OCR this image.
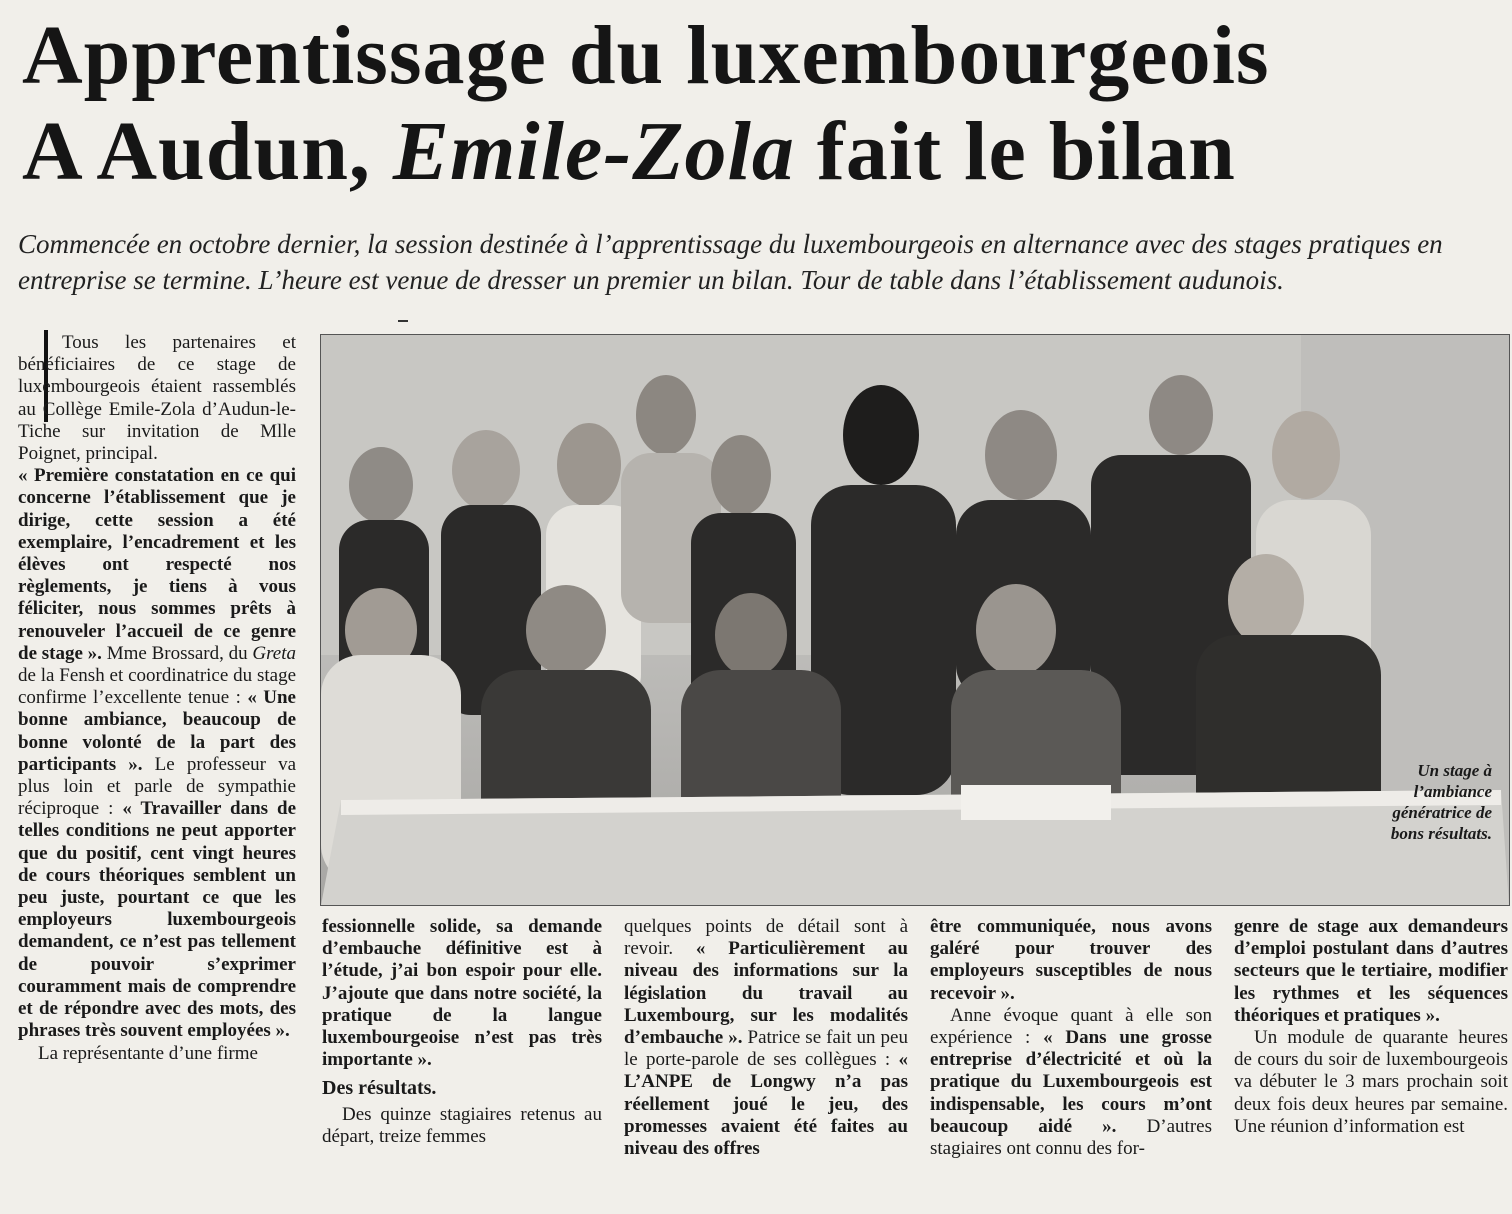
Apprentissage du luxembourgeois
A Audun, Emile-Zola fait le bilan
Commencée en octobre dernier, la session destinée à l’apprentissage du luxembourgeois en alternance avec des stages pratiques en entreprise se termine. L’heure est venue de dresser un premier un bilan. Tour de table dans l’établissement audunois.

Tous les partenaires et bénéficiaires de ce stage de luxembourgeois étaient rassemblés au Collège Emile-Zola d’Audun-le-Tiche sur invitation de Mlle Poignet, principal.

« Première constatation en ce qui concerne l’établissement que je dirige, cette session a été exemplaire, l’encadrement et les élèves ont respecté nos règlements, je tiens à vous féliciter, nous sommes prêts à renouveler l’accueil de ce genre de stage ». Mme Brossard, du Greta de la Fensh et coordinatrice du stage confirme l’excellente tenue : « Une bonne ambiance, beaucoup de bonne volonté de la part des participants ». Le professeur va plus loin et parle de sympathie réciproque : « Travailler dans de telles conditions ne peut apporter que du positif, cent vingt heures de cours théoriques semblent un peu juste, pourtant ce que les employeurs luxembourgeois demandent, ce n’est pas tellement de pouvoir s’exprimer couramment mais de comprendre et de répondre avec des mots, des phrases très souvent employées ».

La représentante d’une firme

Un stage à l’ambiance génératrice de bons résultats.

fessionnelle solide, sa demande d’embauche définitive est à l’étude, j’ai bon espoir pour elle. J’ajoute que dans notre société, la pratique de la langue luxembourgeoise n’est pas très importante ».

Des résultats.

Des quinze stagiaires retenus au départ, treize femmes

quelques points de détail sont à revoir. « Particulièrement au niveau des informations sur la législation du travail au Luxembourg, sur les modalités d’embauche ». Patrice se fait un peu le porte-parole de ses collègues : « L’ANPE de Longwy n’a pas réellement joué le jeu, des promesses avaient été faites au niveau des offres

être communiquée, nous avons galéré pour trouver des employeurs susceptibles de nous recevoir ».

Anne évoque quant à elle son expérience : « Dans une grosse entreprise d’électricité et où la pratique du Luxembourgeois est indispensable, les cours m’ont beaucoup aidé ». D’autres stagiaires ont connu des for-

genre de stage aux demandeurs d’emploi postulant dans d’autres secteurs que le tertiaire, modifier les rythmes et les séquences théoriques et pratiques ».

Un module de quarante heures de cours du soir de luxembourgeois va débuter le 3 mars prochain soit deux fois deux heures par semaine. Une réunion d’information est
